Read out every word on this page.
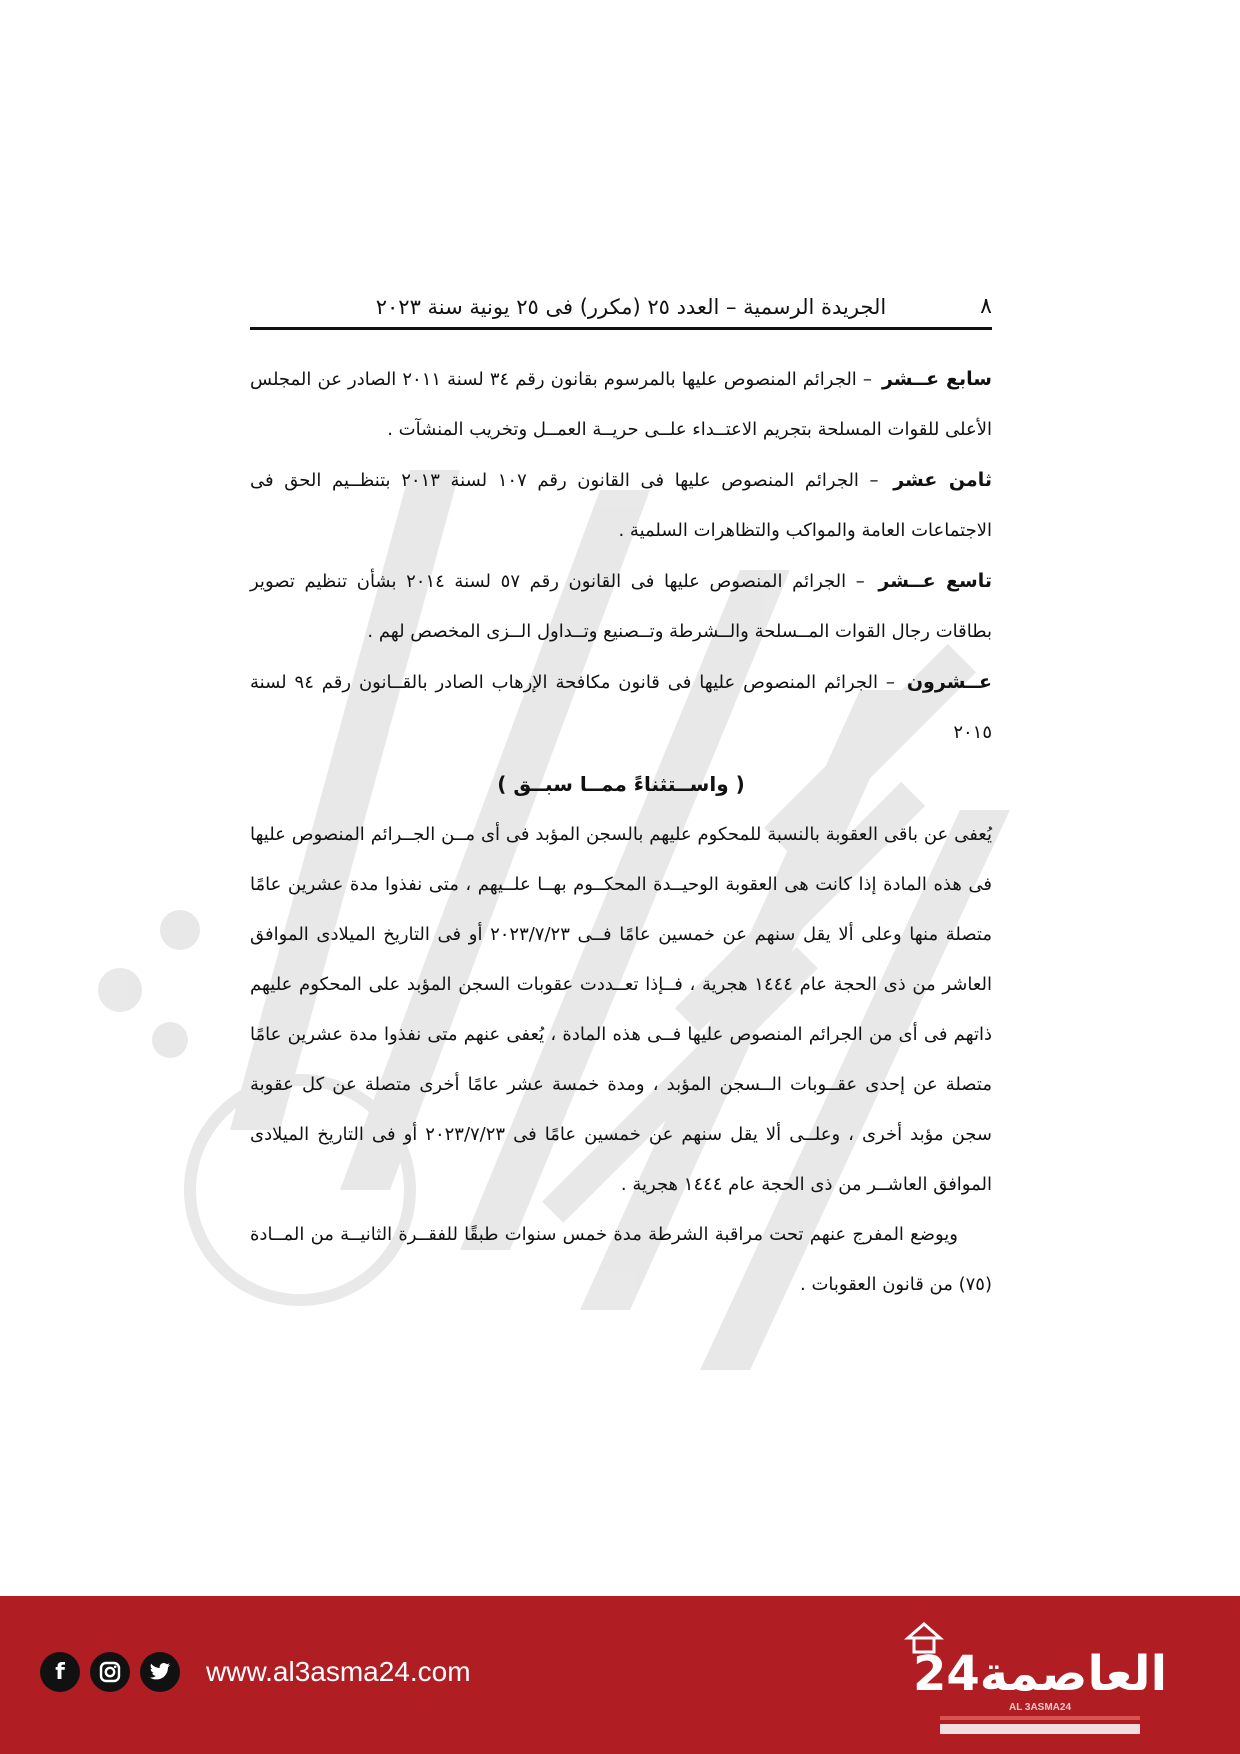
٨
الجريدة الرسمية – العدد ٢٥ (مكرر) فى ٢٥ يونية سنة ٢٠٢٣

سابع عــشر – الجرائم المنصوص عليها بالمرسوم بقانون رقم ٣٤ لسنة ٢٠١١ الصادر عن المجلس الأعلى للقوات المسلحة بتجريم الاعتــداء علــى حريــة العمــل وتخريب المنشآت .

ثامن عشر – الجرائم المنصوص عليها فى القانون رقم ١٠٧ لسنة ٢٠١٣ بتنظــيم الحق فى الاجتماعات العامة والمواكب والتظاهرات السلمية .

تاسع عــشر – الجرائم المنصوص عليها فى القانون رقم ٥٧ لسنة ٢٠١٤ بشأن تنظيم تصوير بطاقات رجال القوات المــسلحة والــشرطة وتــصنيع وتــداول الــزى المخصص لهم .

عــشرون – الجرائم المنصوص عليها فى قانون مكافحة الإرهاب الصادر بالقــانون رقم ٩٤ لسنة ٢٠١٥

( واســتثناءً ممــا سبــق )

يُعفى عن باقى العقوبة بالنسبة للمحكوم عليهم بالسجن المؤبد فى أى مــن الجــرائم المنصوص عليها فى هذه المادة إذا كانت هى العقوبة الوحيــدة المحكــوم بهــا علــيهم ، متى نفذوا مدة عشرين عامًا متصلة منها وعلى ألا يقل سنهم عن خمسين عامًا فــى ٢٠٢٣/٧/٢٣ أو فى التاريخ الميلادى الموافق العاشر من ذى الحجة عام ١٤٤٤ هجرية ، فــإذا تعــددت عقوبات السجن المؤبد على المحكوم عليهم ذاتهم فى أى من الجرائم المنصوص عليها فــى هذه المادة ، يُعفى عنهم متى نفذوا مدة عشرين عامًا متصلة عن إحدى عقــوبات الــسجن المؤبد ، ومدة خمسة عشر عامًا أخرى متصلة عن كل عقوبة سجن مؤبد أخرى ، وعلــى ألا يقل سنهم عن خمسين عامًا فى ٢٠٢٣/٧/٢٣ أو فى التاريخ الميلادى الموافق العاشــر من ذى الحجة عام ١٤٤٤ هجرية .

ويوضع المفرج عنهم تحت مراقبة الشرطة مدة خمس سنوات طبقًا للفقــرة الثانيــة من المــادة (٧٥) من قانون العقوبات .

f	www.al3asma24.com	العاصمة24
AL 3ASMA24
